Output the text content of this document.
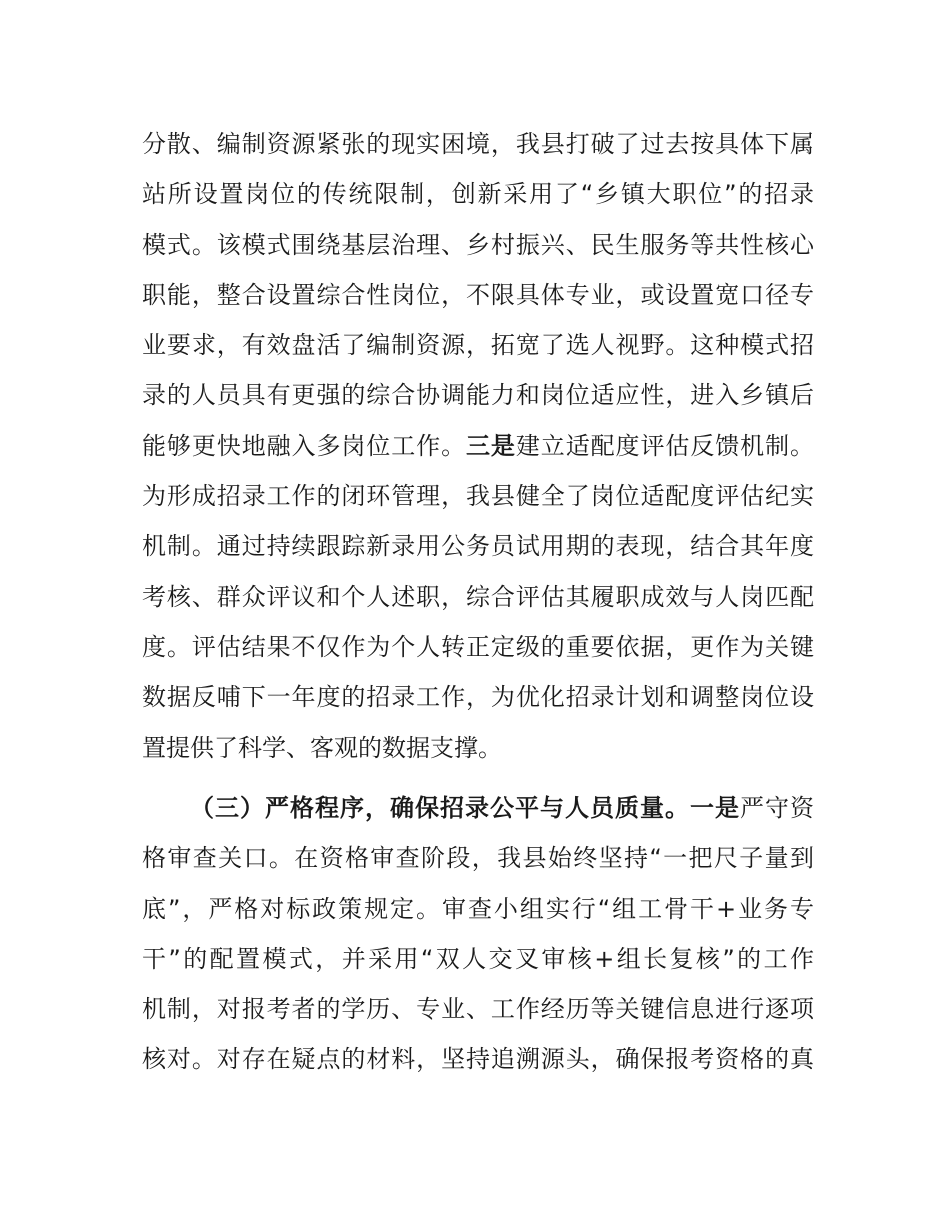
分散、编制资源紧张的现实困境，我县打破了过去按具体下属
站所设置岗位的传统限制，创新采用了“乡镇大职位”的招录
模式。该模式围绕基层治理、乡村振兴、民生服务等共性核心
职能，整合设置综合性岗位，不限具体专业，或设置宽口径专
业要求，有效盘活了编制资源，拓宽了选人视野。这种模式招
录的人员具有更强的综合协调能力和岗位适应性，进入乡镇后
能够更快地融入多岗位工作。三是建立适配度评估反馈机制。
为形成招录工作的闭环管理，我县健全了岗位适配度评估纪实
机制。通过持续跟踪新录用公务员试用期的表现，结合其年度
考核、群众评议和个人述职，综合评估其履职成效与人岗匹配
度。评估结果不仅作为个人转正定级的重要依据，更作为关键
数据反哺下一年度的招录工作，为优化招录计划和调整岗位设
置提供了科学、客观的数据支撑。
（三）严格程序，确保招录公平与人员质量。一是严守资
格审查关口。在资格审查阶段，我县始终坚持“一把尺子量到
底”，严格对标政策规定。审查小组实行“组工骨干+业务专
干”的配置模式，并采用“双人交叉审核+组长复核”的工作
机制，对报考者的学历、专业、工作经历等关键信息进行逐项
核对。对存在疑点的材料，坚持追溯源头，确保报考资格的真
